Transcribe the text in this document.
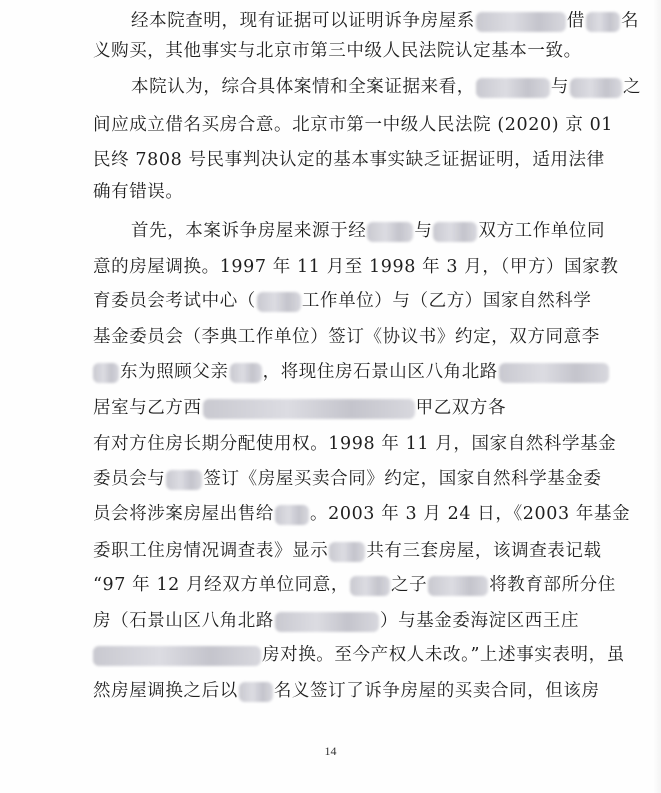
经本院查明，现有证据可以证明诉争房屋系	借 名
义购买，其他事实与北京市第三中级人民法院认定基本一致。
本院认为，综合具体案情和全案证据来看，	与	之
间应成立借名买房合意。北京市第一中级人民法院 (2020) 京 01
民终 7808 号民事判决认定的基本事实缺乏证据证明，适用法律
确有错误。
首先，本案诉争房屋来源于经	与	双方工作单位同
意的房屋调换。1997 年 11 月至 1998 年 3 月，（甲方）国家教
育委员会考试中心（	工作单位）与（乙方）国家自然科学
基金委员会（李典工作单位）签订《协议书》约定，双方同意李
东为照顾父亲 ，将现住房石景山区八角北路
居室与乙方西	甲乙双方各
有对方住房长期分配使用权。1998 年 11 月，国家自然科学基金
委员会与 签订《房屋买卖合同》约定，国家自然科学基金委
员会将涉案房屋出售给 。2003 年 3 月 24 日，《2003 年基金
委职工住房情况调查表》显示 共有三套房屋，该调查表记载
“97 年 12 月经双方单位同意， 之子	将教育部所分住
房（石景山区八角北路	）与基金委海淀区西王庄
房对换。至今产权人未改。”上述事实表明，虽
然房屋调换之后以 名义签订了诉争房屋的买卖合同，但该房
14
